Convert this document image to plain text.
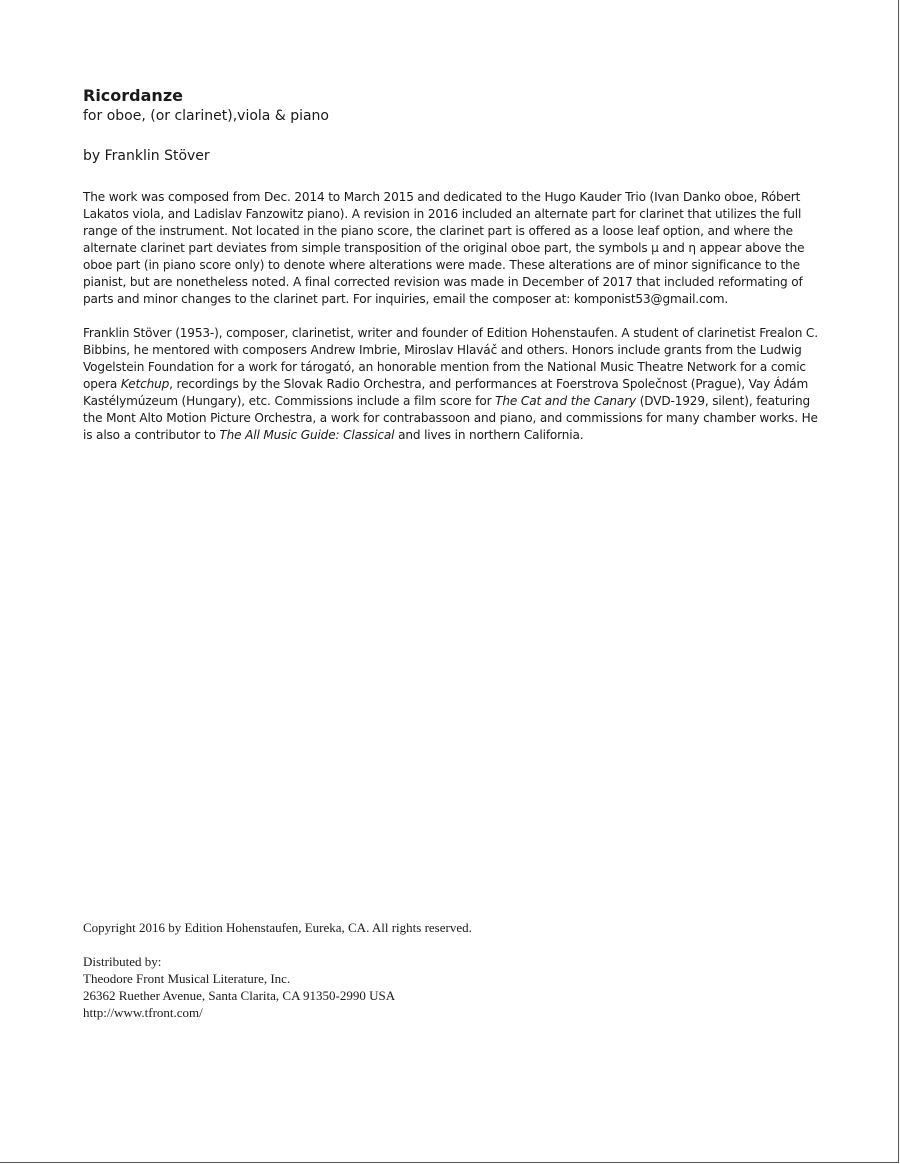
Ricordanze
for oboe, (or clarinet),viola & piano
by Franklin Stöver

The work was composed from Dec. 2014 to March 2015 and dedicated to the Hugo Kauder Trio (Ivan Danko oboe, Róbert Lakatos viola, and Ladislav Fanzowitz piano). A revision in 2016 included an alternate part for clarinet that utilizes the full range of the instrument. Not located in the piano score, the clarinet part is offered as a loose leaf option, and where the alternate clarinet part deviates from simple transposition of the original oboe part, the symbols µ and η appear above the oboe part (in piano score only) to denote where alterations were made. These alterations are of minor significance to the pianist, but are nonetheless noted. A final corrected revision was made in December of 2017 that included reformating of parts and minor changes to the clarinet part. For inquiries, email the composer at: komponist53@gmail.com.

Franklin Stöver (1953-), composer, clarinetist, writer and founder of Edition Hohenstaufen. A student of clarinetist Frealon C. Bibbins, he mentored with composers Andrew Imbrie, Miroslav Hlaváč and others. Honors include grants from the Ludwig Vogelstein Foundation for a work for tárogató, an honorable mention from the National Music Theatre Network for a comic opera Ketchup, recordings by the Slovak Radio Orchestra, and performances at Foerstrova Společnost (Prague), Vay Ádám Kastélymúzeum (Hungary), etc. Commissions include a film score for The Cat and the Canary (DVD-1929, silent), featuring the Mont Alto Motion Picture Orchestra, a work for contrabassoon and piano, and commissions for many chamber works. He is also a contributor to The All Music Guide: Classical and lives in northern California.

Copyright 2016 by Edition Hohenstaufen, Eureka, CA. All rights reserved.

Distributed by:

Theodore Front Musical Literature, Inc.

26362 Ruether Avenue, Santa Clarita, CA 91350-2990 USA

http://www.tfront.com/
